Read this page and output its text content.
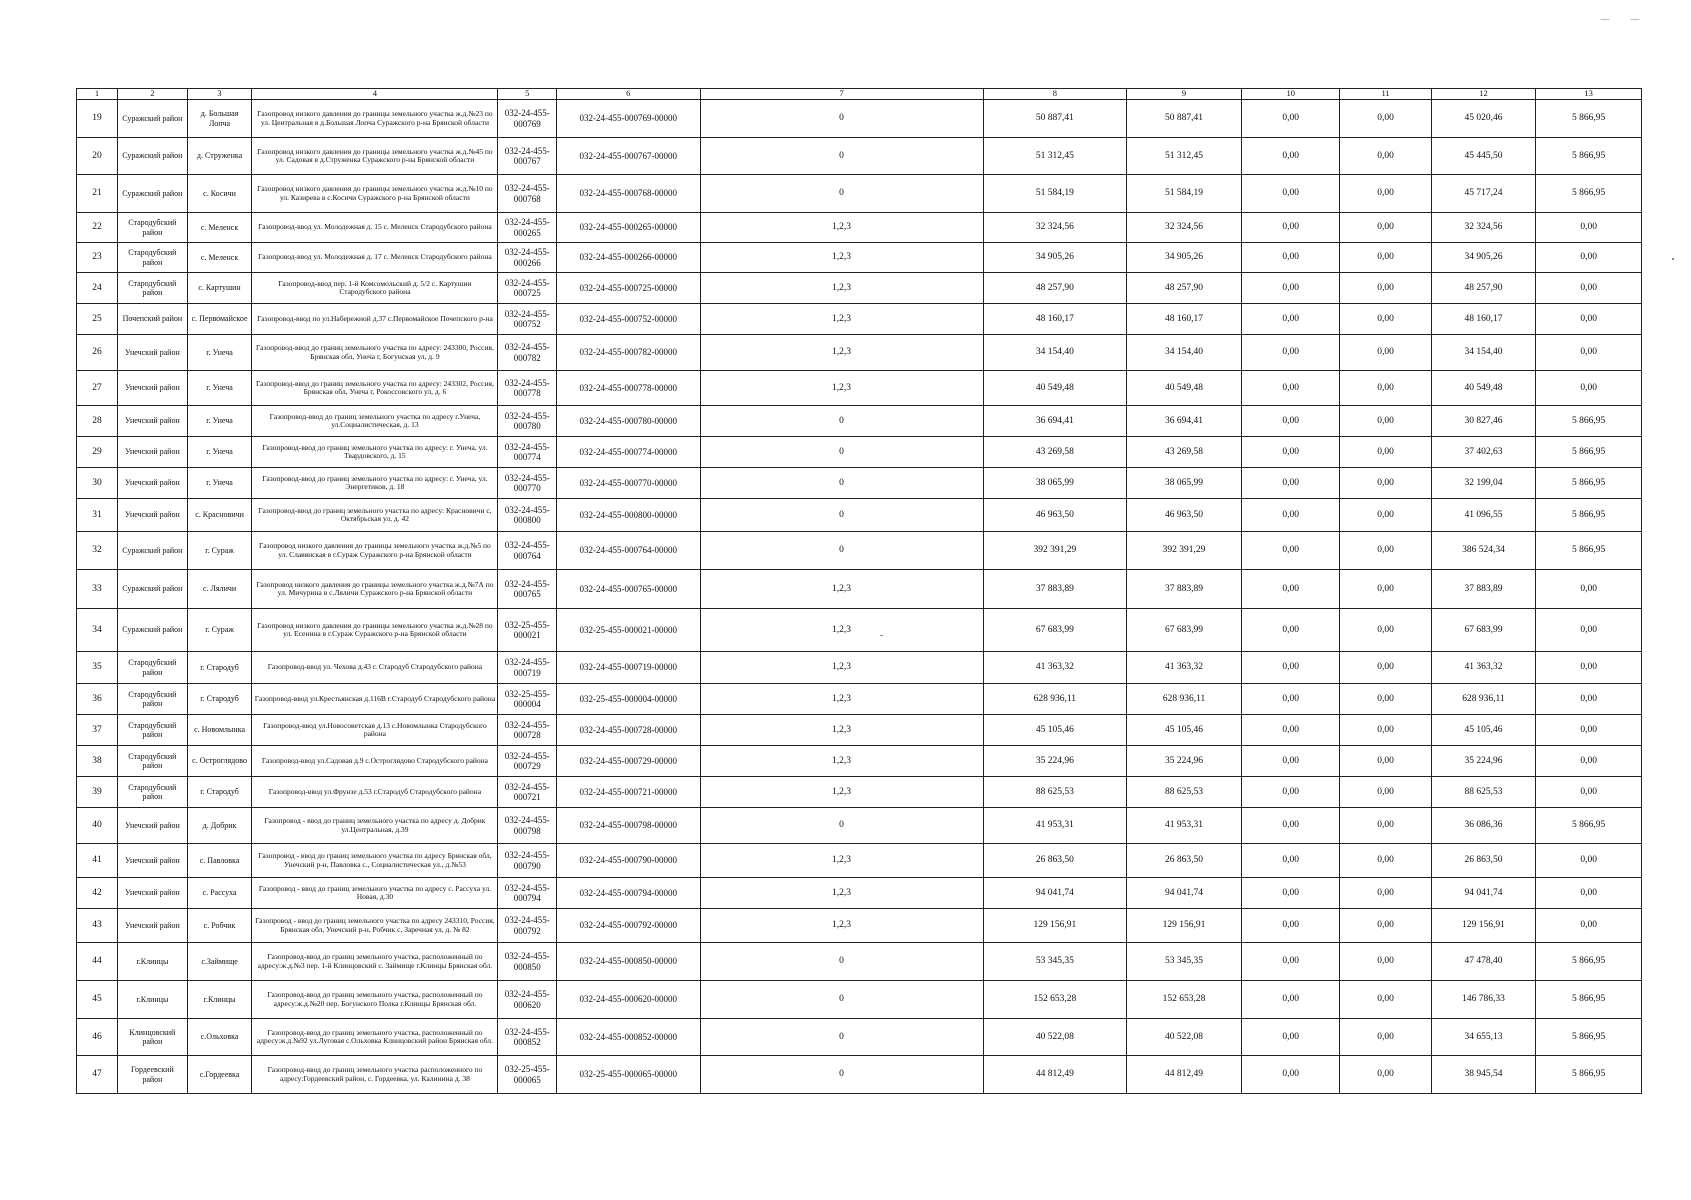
— —
1	2	3	4	5	6	7	8	9	10	11	12	13
19	Суражский район	д. Большая Лопча	Газопровод низкого давления до границы земельного участка ж.д.№23 по ул. Центральная в д.Большая Лопча Суражского р-на Брянской области	032-24-455-000769	032-24-455-000769-00000	0	50 887,41	50 887,41	0,00	0,00	45 020,46	5 866,95
20	Суражский район	д. Струженка	Газопровод низкого давления до границы земельного участка ж.д.№45 по ул. Садовая в д.Струженка Суражского р-на Брянской области	032-24-455-000767	032-24-455-000767-00000	0	51 312,45	51 312,45	0,00	0,00	45 445,50	5 866,95
21	Суражский район	с. Косичи	Газопровод низкого давления до границы земельного участка ж.д.№10 по ул. Казирева в с.Косичи Суражского р-на Брянской области	032-24-455-000768	032-24-455-000768-00000	0	51 584,19	51 584,19	0,00	0,00	45 717,24	5 866,95
22	Стародубский район	с. Меленск	Газопровод-ввод ул. Молодежная д. 15 с. Меленск Стародубского района	032-24-455-000265	032-24-455-000265-00000	1,2,3	32 324,56	32 324,56	0,00	0,00	32 324,56	0,00
23	Стародубский район	с. Меленск	Газопровод-ввод ул. Молодежная д. 17 с. Меленск Стародубского района	032-24-455-000266	032-24-455-000266-00000	1,2,3	34 905,26	34 905,26	0,00	0,00	34 905,26	0,00
24	Стародубский район	с. Картушин	Газопровод-ввод пер. 1-й Комсомольский д. 5/2 с. Картушин Стародубского района	032-24-455-000725	032-24-455-000725-00000	1,2,3	48 257,90	48 257,90	0,00	0,00	48 257,90	0,00
25	Почепский район	с. Первомайское	Газопровод-ввод по ул.Набережной д.37 с.Первомайское Почепского р-на	032-24-455-000752	032-24-455-000752-00000	1,2,3	48 160,17	48 160,17	0,00	0,00	48 160,17	0,00
26	Унечский район	г. Унеча	Газопровод-ввод до границ земельного участка по адресу: 243300, Россия, Брянская обл, Унеча г, Богунская ул, д. 9	032-24-455-000782	032-24-455-000782-00000	1,2,3	34 154,40	34 154,40	0,00	0,00	34 154,40	0,00
27	Унечский район	г. Унеча	Газопровод-ввод до границ земельного участка по адресу: 243302, Россия, Брянская обл, Унеча г, Рокоссовского ул, д. 6	032-24-455-000778	032-24-455-000778-00000	1,2,3	40 549,48	40 549,48	0,00	0,00	40 549,48	0,00
28	Унечский район	г. Унеча	Газопровод-ввод до границ земельного участка по адресу г.Унеча, ул.Социалистическая, д. 13	032-24-455-000780	032-24-455-000780-00000	0	36 694,41	36 694,41	0,00	0,00	30 827,46	5 866,95
29	Унечский район	г. Унеча	Газопровод-ввод до границ земельного участка по адресу: г. Унеча, ул. Твардовского, д. 15	032-24-455-000774	032-24-455-000774-00000	0	43 269,58	43 269,58	0,00	0,00	37 402,63	5 866,95
30	Унечский район	г. Унеча	Газопровод-ввод до границ земельного участка по адресу: г. Унеча, ул. Энергетиков, д. 18	032-24-455-000770	032-24-455-000770-00000	0	38 065,99	38 065,99	0,00	0,00	32 199,04	5 866,95
31	Унечский район	с. Красновичи	Газопровод-ввод до границ земельного участка по адресу: Красновичи с, Октябрьская ул, д. 42	032-24-455-000800	032-24-455-000800-00000	0	46 963,50	46 963,50	0,00	0,00	41 096,55	5 866,95
32	Суражский район	г. Сураж	Газопровод низкого давления до границы земельного участка ж.д.№5 по ул. Славянская в г.Сураж Суражского р-на Брянской области	032-24-455-000764	032-24-455-000764-00000	0	392 391,29	392 391,29	0,00	0,00	386 524,34	5 866,95
33	Суражский район	с. Ляличи	Газопровод низкого давления до границы земельного участка ж.д.№7А по ул. Мичурина в с.Ляличи Суражского р-на Брянской области	032-24-455-000765	032-24-455-000765-00000	1,2,3	37 883,89	37 883,89	0,00	0,00	37 883,89	0,00
34	Суражский район	г. Сураж	Газопровод низкого давления до границы земельного участка ж.д.№28 по ул. Есенина в г.Сураж Суражского р-на Брянской области	032-25-455-000021	032-25-455-000021-00000	1,2,3	67 683,99	67 683,99	0,00	0,00	67 683,99	0,00
35	Стародубский район	г. Стародуб	Газопровод-ввод ул. Чехова д.43 г. Стародуб Стародубского района	032-24-455-000719	032-24-455-000719-00000	1,2,3	41 363,32	41 363,32	0,00	0,00	41 363,32	0,00
36	Стародубский район	г. Стародуб	Газопровод-ввод ул.Крестьянская д.116В г.Стародуб Стародубского района	032-25-455-000004	032-25-455-000004-00000	1,2,3	628 936,11	628 936,11	0,00	0,00	628 936,11	0,00
37	Стародубский район	с. Новомлынка	Газопровод-ввод ул.Новосоветская д.13 с.Новомлынка Стародубского района	032-24-455-000728	032-24-455-000728-00000	1,2,3	45 105,46	45 105,46	0,00	0,00	45 105,46	0,00
38	Стародубский район	с. Остроглядово	Газопровод-ввод ул.Садовая д.9 с.Остроглядово Стародубского района	032-24-455-000729	032-24-455-000729-00000	1,2,3	35 224,96	35 224,96	0,00	0,00	35 224,96	0,00
39	Стародубский район	г. Стародуб	Газопровод-ввод ул.Фрунзе д.53 г.Стародуб Стародубского района	032-24-455-000721	032-24-455-000721-00000	1,2,3	88 625,53	88 625,53	0,00	0,00	88 625,53	0,00
40	Унечский район	д. Добрик	Газопровод - ввод до границ земельного участка по адресу д. Добрик ул.Центральная, д.39	032-24-455-000798	032-24-455-000798-00000	0	41 953,31	41 953,31	0,00	0,00	36 086,36	5 866,95
41	Унечский район	с. Павловка	Газопровод - ввод до границ земельного участка по адресу Брянская обл, Унечский р-н, Павловка с., Социалистическая ул., д.№53	032-24-455-000790	032-24-455-000790-00000	1,2,3	26 863,50	26 863,50	0,00	0,00	26 863,50	0,00
42	Унечский район	с. Рассуха	Газопровод - ввод до границ земельного участка по адресу с. Рассуха ул. Новая, д.30	032-24-455-000794	032-24-455-000794-00000	1,2,3	94 041,74	94 041,74	0,00	0,00	94 041,74	0,00
43	Унечский район	с. Робчик	Газопровод - ввод до границ земельного участка по адресу 243310, Россия, Брянская обл, Унечский р-н, Робчик с, Заречная ул, д. № 82	032-24-455-000792	032-24-455-000792-00000	1,2,3	129 156,91	129 156,91	0,00	0,00	129 156,91	0,00
44	г.Клинцы	с.Займище	Газопровод-ввод до границ земельного участка, расположенный по адресу:ж.д.№3 пер. 1-й Клинцовский с. Займище г.Клинцы Брянская обл.	032-24-455-000850	032-24-455-000850-00000	0	53 345,35	53 345,35	0,00	0,00	47 478,40	5 866,95
45	г.Клинцы	г.Клинцы	Газопровод-ввод до границ земельного участка, расположенный по адресу:ж.д.№20 пер. Богунского Полка г.Клинцы Брянская обл.	032-24-455-000620	032-24-455-000620-00000	0	152 653,28	152 653,28	0,00	0,00	146 786,33	5 866,95
46	Клинцовский район	с.Ольховка	Газопровод-ввод до границ земельного участка, расположенный по адресу:ж.д.№92 ул.Луговая с.Ольховка Клинцовский район Брянская обл.	032-24-455-000852	032-24-455-000852-00000	0	40 522,08	40 522,08	0,00	0,00	34 655,13	5 866,95
47	Гордеевский район	с.Гордеевка	Газопровод-ввод до границ земельного участка расположенного по адресу:Гордеевский район, с. Гордеевка, ул. Калинина д. 38	032-25-455-000065	032-25-455-000065-00000	0	44 812,49	44 812,49	0,00	0,00	38 945,54	5 866,95
